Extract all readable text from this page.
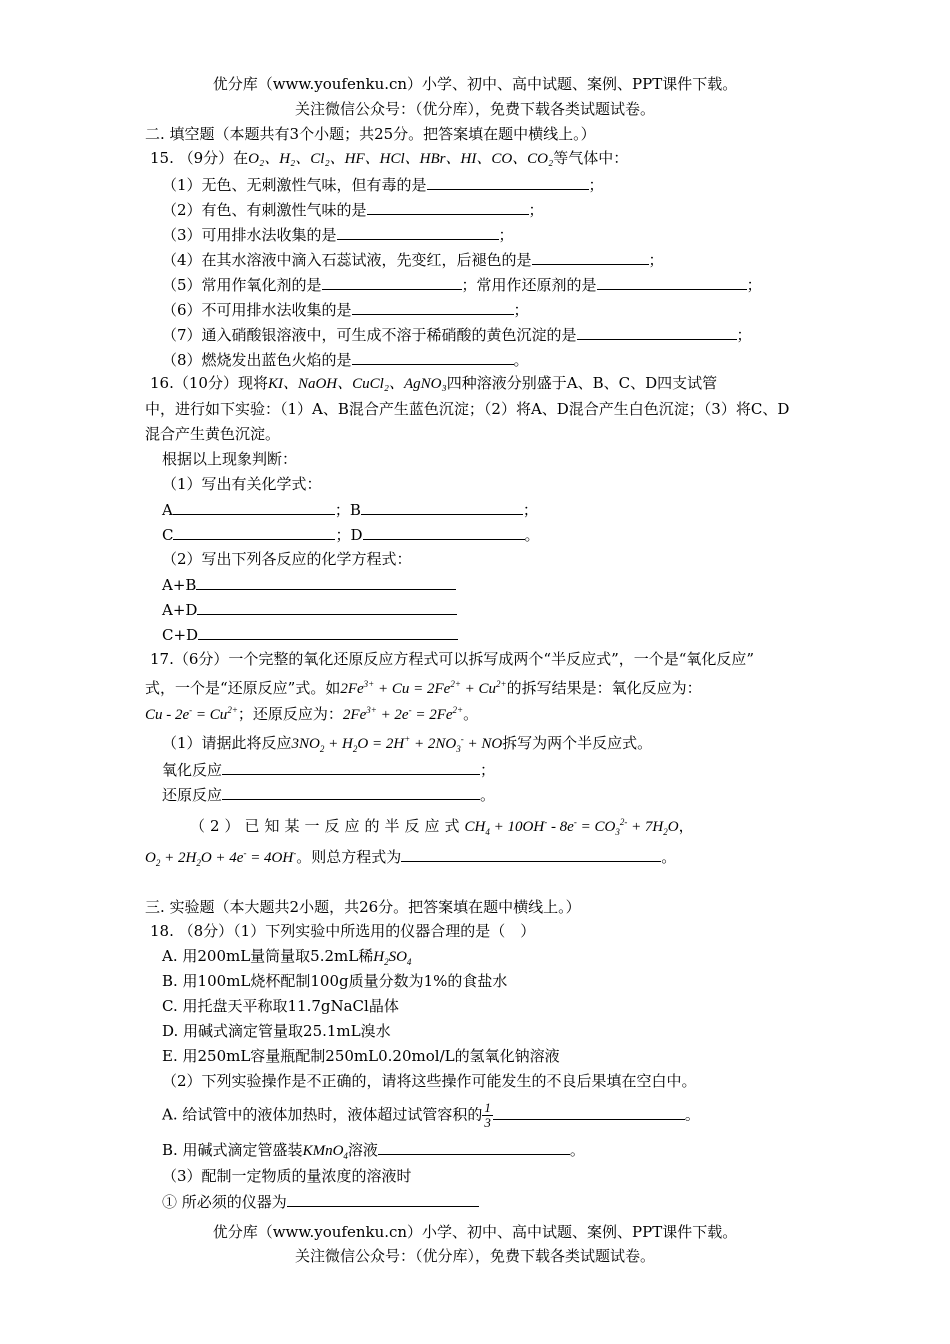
优分库（www.youfenku.cn）小学、初中、高中试题、案例、PPT课件下载。
关注微信公众号：（优分库），免费下载各类试题试卷。
二. 填空题（本题共有3个小题；共25分。把答案填在题中横线上。）
15. （9分）在O₂、H₂、Cl₂、HF、HCl、HBr、HI、CO、CO₂等气体中：
（1）无色、无刺激性气味，但有毒的是	；
（2）有色、有刺激性气味的是	；
（3）可用排水法收集的是	；
（4）在其水溶液中滴入石蕊试液，先变红，后褪色的是	；
（5）常用作氧化剂的是	；常用作还原剂的是	；
（6）不可用排水法收集的是	；
（7）通入硝酸银溶液中，可生成不溶于稀硝酸的黄色沉淀的是	；
（8）燃烧发出蓝色火焰的是	。
16.（10分）现将KI、NaOH、CuCl₂、AgNO₃四种溶液分别盛于A、B、C、D四支试管
中，进行如下实验：（1）A、B混合产生蓝色沉淀；（2）将A、D混合产生白色沉淀；（3）将C、D
混合产生黄色沉淀。
根据以上现象判断：
（1）写出有关化学式：
A	；B	；
C	；D	。
（2）写出下列各反应的化学方程式：
A+B
A+D
C+D
17.（6分）一个完整的氧化还原反应方程式可以拆写成两个“半反应式”，一个是“氧化反应”
式，一个是“还原反应”式。如$2Fe^{3+} + Cu = 2Fe^{2+} + Cu^{2+}$的拆写结果是：氧化反应为：
$Cu - 2e^- = Cu^{2+}$；还原反应为：$2Fe^{3+} + 2e^- = 2Fe^{2+}$。
（1）请据此将反应$3NO_2 + H_2O = 2H^+ + 2NO_3^-$ + NO拆写为两个半反应式。
氧化反应	；
还原反应	。
（2）已知某一反应的半反应式$CH_4 + 10OH^- - 8e^- = CO_3^{2-} + 7H_2O$，
$O_2 + 2H_2O + 4e^- = 4OH^-$。则总方程式为	。
三. 实验题（本大题共2小题，共26分。把答案填在题中横线上。）
18. （8分）（1）下列实验中所选用的仪器合理的是（　）
A. 用200mL量筒量取5.2mL稀$H_2SO_4$
B. 用100mL烧杯配制100g质量分数为1%的食盐水
C. 用托盘天平称取11.7gNaCl晶体
D. 用碱式滴定管量取25.1mL溴水
E. 用250mL容量瓶配制250mL0.20mol/L的氢氧化钠溶液
（2）下列实验操作是不正确的，请将这些操作可能发生的不良后果填在空白中。
A. 给试管中的液体加热时，液体超过试管容积的 $\frac{1}{3}$	。
B. 用碱式滴定管盛装KMnO$_4$溶液	。
（3）配制一定物质的量浓度的溶液时
① 所必须的仪器为
优分库（www.youfenku.cn）小学、初中、高中试题、案例、PPT课件下载。
关注微信公众号：（优分库），免费下载各类试题试卷。
